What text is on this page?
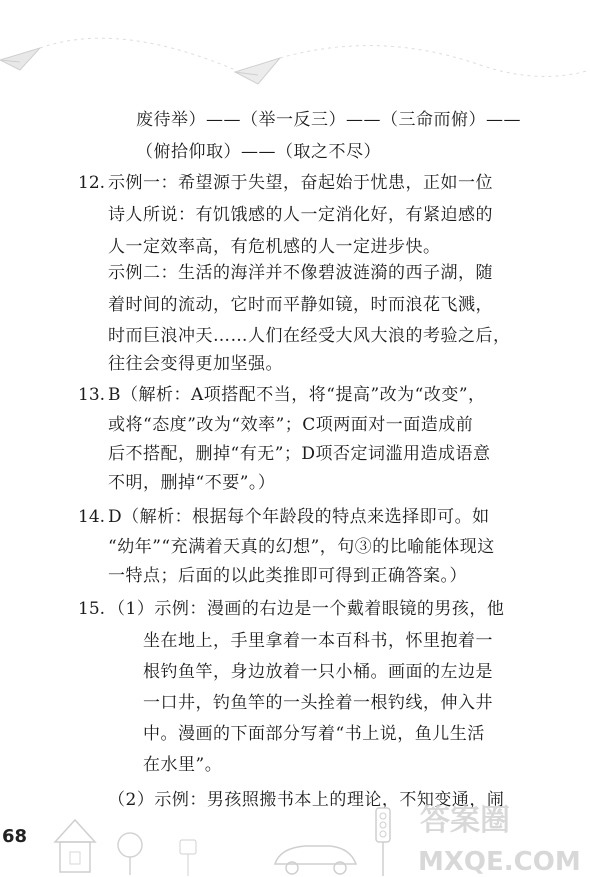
废待举）——（举一反三）——（三命而俯）——
（俯拾仰取）——（取之不尽）
12. 示例一：希望源于失望，奋起始于忧患，正如一位
诗人所说：有饥饿感的人一定消化好，有紧迫感的
人一定效率高，有危机感的人一定进步快。
示例二：生活的海洋并不像碧波涟漪的西子湖，随
着时间的流动，它时而平静如镜，时而浪花飞溅，
时而巨浪冲天……人们在经受大风大浪的考验之后，
往往会变得更加坚强。
13. B（解析：A项搭配不当，将“提高”改为“改变”，
或将“态度”改为“效率”；C项两面对一面造成前
后不搭配，删掉“有无”；D项否定词滥用造成语意
不明，删掉“不要”。）
14. D（解析：根据每个年龄段的特点来选择即可。如
“幼年”“充满着天真的幻想”，句③的比喻能体现这
一特点；后面的以此类推即可得到正确答案。）
15. （1）示例：漫画的右边是一个戴着眼镜的男孩，他
坐在地上，手里拿着一本百科书，怀里抱着一
根钓鱼竿，身边放着一只小桶。画面的左边是
一口井，钓鱼竿的一头拴着一根钓线，伸入井
中。漫画的下面部分写着“书上说，鱼儿生活
在水里”。
（2）示例：男孩照搬书本上的理论，不知变通，闹
答案圈
MXQE.COM
68
